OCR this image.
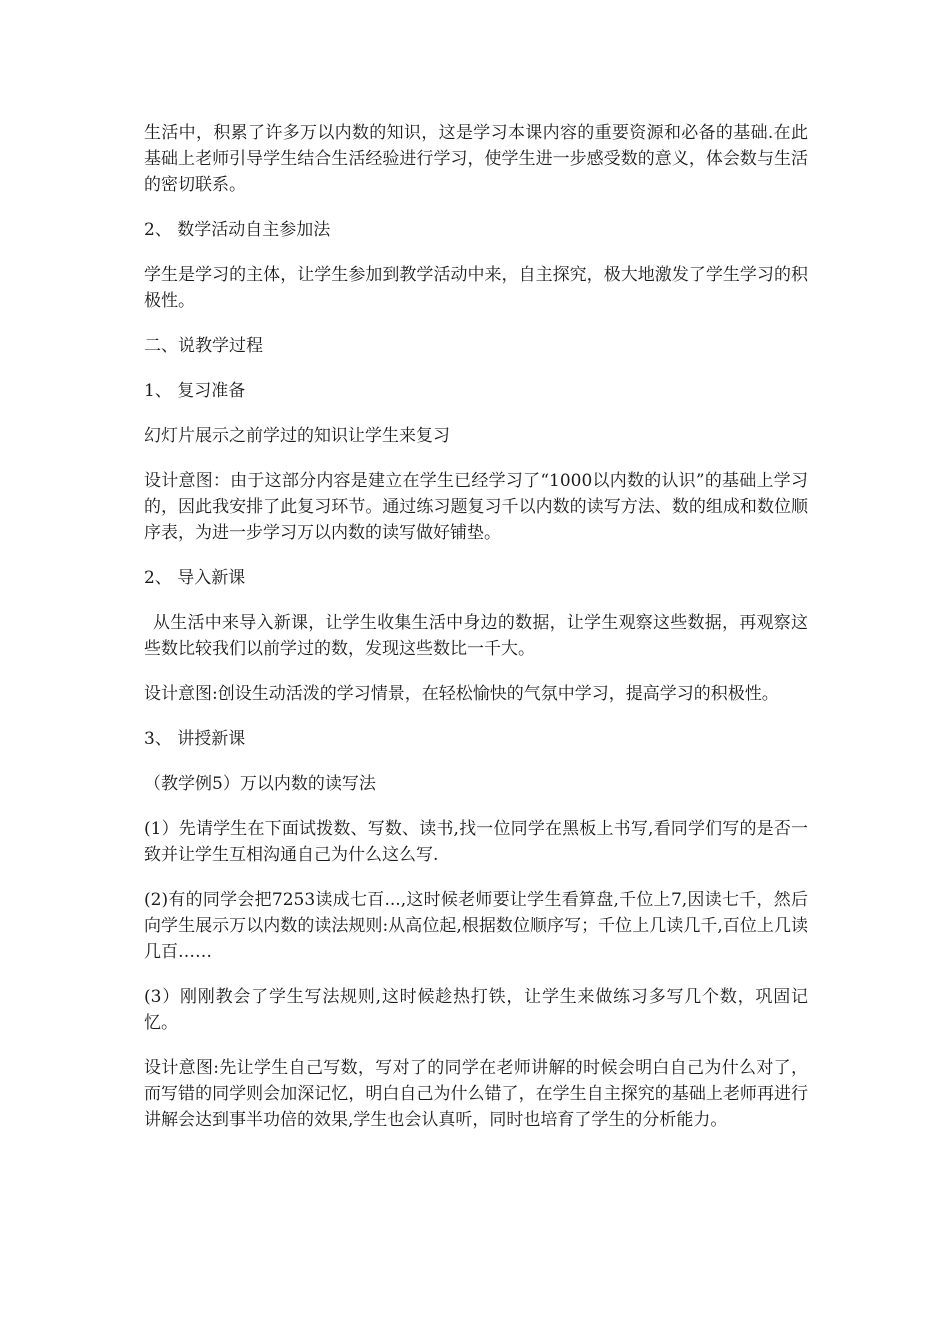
生活中，积累了许多万以内数的知识，这是学习本课内容的重要资源和必备的基础.在此基础上老师引导学生结合生活经验进行学习，使学生进一步感受数的意义，体会数与生活的密切联系。

2、 数学活动自主参加法

学生是学习的主体，让学生参加到教学活动中来，自主探究，极大地激发了学生学习的积极性。

二、说教学过程

1、 复习准备

幻灯片展示之前学过的知识让学生来复习

设计意图：由于这部分内容是建立在学生已经学习了“1000以内数的认识”的基础上学习的，因此我安排了此复习环节。通过练习题复习千以内数的读写方法、数的组成和数位顺序表，为进一步学习万以内数的读写做好铺垫。

2、 导入新课

从生活中来导入新课，让学生收集生活中身边的数据，让学生观察这些数据，再观察这些数比较我们以前学过的数，发现这些数比一千大。

设计意图:创设生动活泼的学习情景，在轻松愉快的气氛中学习，提高学习的积极性。

3、 讲授新课

（教学例5）万以内数的读写法

(1）先请学生在下面试拨数、写数、读书,找一位同学在黑板上书写,看同学们写的是否一致并让学生互相沟通自己为什么这么写.

(2)有的同学会把7253读成七百...,这时候老师要让学生看算盘,千位上7,因读七千，然后向学生展示万以内数的读法规则:从高位起,根据数位顺序写；千位上几读几千,百位上几读几百……

(3）刚刚教会了学生写法规则,这时候趁热打铁，让学生来做练习多写几个数，巩固记忆。

设计意图:先让学生自己写数，写对了的同学在老师讲解的时候会明白自己为什么对了，而写错的同学则会加深记忆，明白自己为什么错了，在学生自主探究的基础上老师再进行讲解会达到事半功倍的效果,学生也会认真听，同时也培育了学生的分析能力。
